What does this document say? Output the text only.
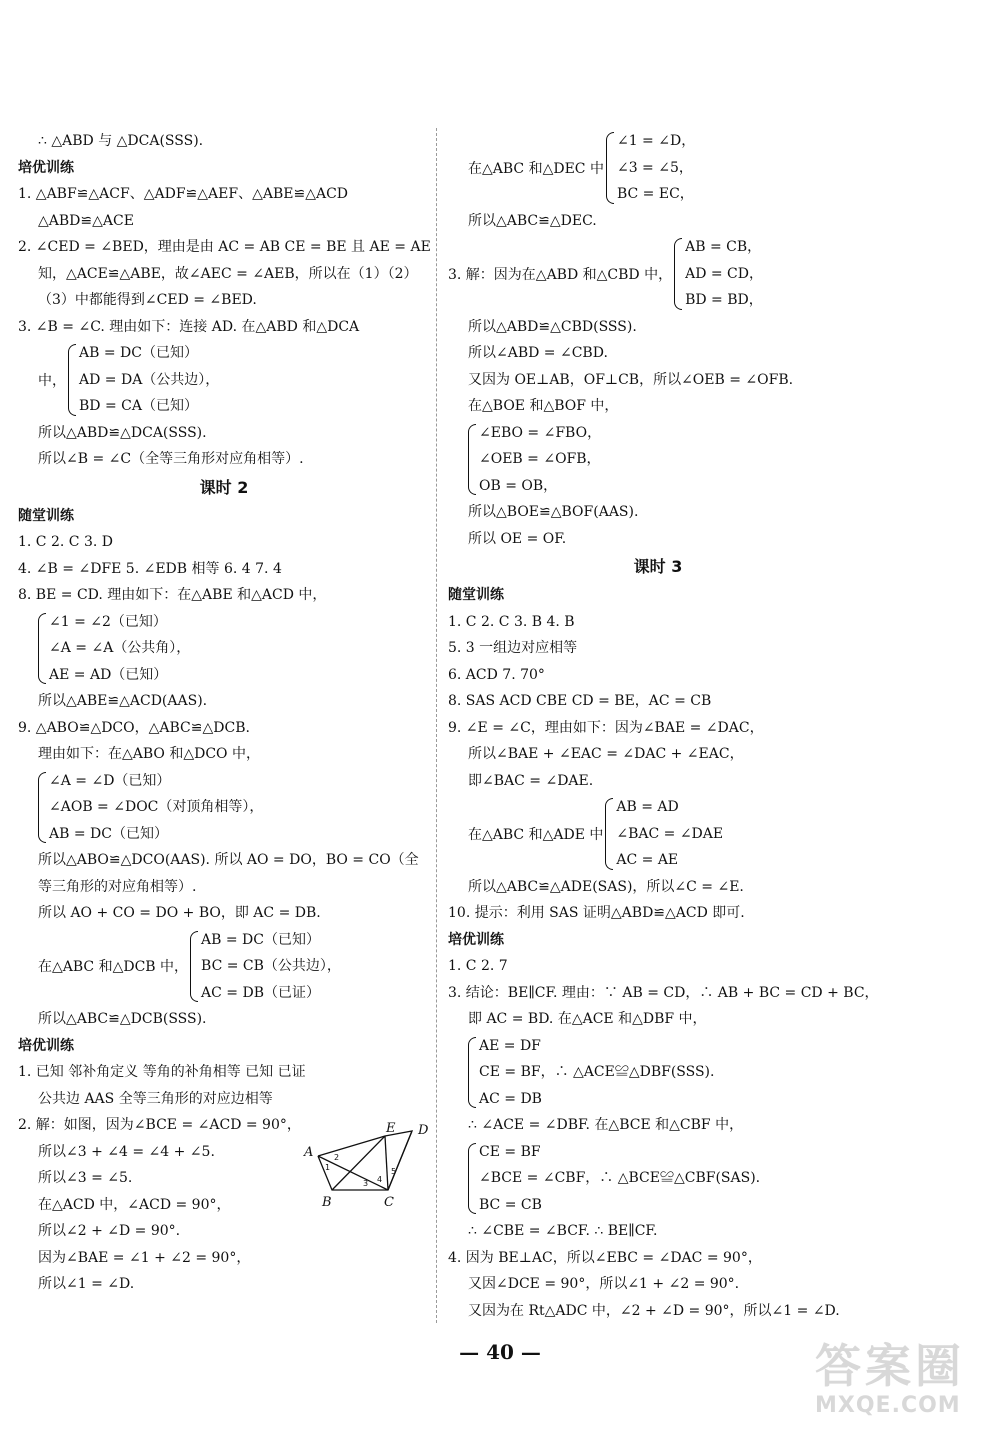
∴ △ABD 与 △DCA(SSS).
培优训练
1. △ABF≌△ACF、△ADF≌△AEF、△ABE≌△ACD
△ABD≌△ACE
2. ∠CED = ∠BED，理由是由 AC = AB CE = BE 且 AE = AE
知，△ACE≌△ABE，故∠AEC = ∠AEB，所以在（1）（2）
（3）中都能得到∠CED = ∠BED.
3. ∠B = ∠C. 理由如下：连接 AD. 在△ABD 和△DCA
中，
AB = DC（已知）
AD = DA（公共边），
BD = CA（已知）
所以△ABD≌△DCA(SSS).
所以∠B = ∠C（全等三角形对应角相等）.
课时 2
随堂训练
1. C 2. C 3. D
4. ∠B = ∠DFE 5. ∠EDB 相等 6. 4 7. 4
8. BE = CD. 理由如下：在△ABE 和△ACD 中，
∠1 = ∠2（已知）
∠A = ∠A（公共角），
AE = AD（已知）
所以△ABE≌△ACD(AAS).
9. △ABO≌△DCO，△ABC≌△DCB.
理由如下：在△ABO 和△DCO 中，
∠A = ∠D（已知）
∠AOB = ∠DOC（对顶角相等），
AB = DC（已知）
所以△ABO≌△DCO(AAS). 所以 AO = DO，BO = CO（全
等三角形的对应角相等）.
所以 AO + CO = DO + BO，即 AC = DB.
在△ABC 和△DCB 中，
AB = DC（已知）
BC = CB（公共边），
AC = DB（已证）
所以△ABC≌△DCB(SSS).
培优训练
1. 已知 邻补角定义 等角的补角相等 已知 已证
公共边 AAS 全等三角形的对应边相等
2. 解：如图，因为∠BCE = ∠ACD = 90°，
所以∠3 + ∠4 = ∠4 + ∠5.
所以∠3 = ∠5.
在△ACD 中，∠ACD = 90°，
所以∠2 + ∠D = 90°.
因为∠BAE = ∠1 + ∠2 = 90°，
所以∠1 = ∠D.
A
B	C
D
E
1
2
3 4
5
在△ABC 和△DEC 中
∠1 = ∠D，
∠3 = ∠5，
BC = EC，
所以△ABC≌△DEC.
3. 解：因为在△ABD 和△CBD 中，
AB = CB，
AD = CD，
BD = BD，
所以△ABD≌△CBD(SSS).
所以∠ABD = ∠CBD.
又因为 OE⊥AB，OF⊥CB，所以∠OEB = ∠OFB.
在△BOE 和△BOF 中，
∠EBO = ∠FBO，
∠OEB = ∠OFB，
OB = OB，
所以△BOE≌△BOF(AAS).
所以 OE = OF.
课时 3
随堂训练
1. C 2. C 3. B 4. B
5. 3 一组边对应相等
6. ACD 7. 70°
8. SAS ACD CBE CD = BE，AC = CB
9. ∠E = ∠C，理由如下：因为∠BAE = ∠DAC，
所以∠BAE + ∠EAC = ∠DAC + ∠EAC，
即∠BAC = ∠DAE.
在△ABC 和△ADE 中
AB = AD
∠BAC = ∠DAE
AC = AE
所以△ABC≌△ADE(SAS)，所以∠C = ∠E.
10. 提示：利用 SAS 证明△ABD≌△ACD 即可.
培优训练
1. C 2. 7
3. 结论：BE∥CF. 理由：∵ AB = CD，∴ AB + BC = CD + BC，
即 AC = BD. 在△ACE 和△DBF 中，
AE = DF
CE = BF，∴ △ACE≌△DBF(SSS).
AC = DB
∴ ∠ACE = ∠DBF. 在△BCE 和△CBF 中，
CE = BF
∠BCE = ∠CBF，∴ △BCE≌△CBF(SAS).
BC = CB
∴ ∠CBE = ∠BCF. ∴ BE∥CF.
4. 因为 BE⊥AC，所以∠EBC = ∠DAC = 90°，
又因∠DCE = 90°，所以∠1 + ∠2 = 90°.
又因为在 Rt△ADC 中，∠2 + ∠D = 90°，所以∠1 = ∠D.
— 40 —	答案圈
MXQE.COM
